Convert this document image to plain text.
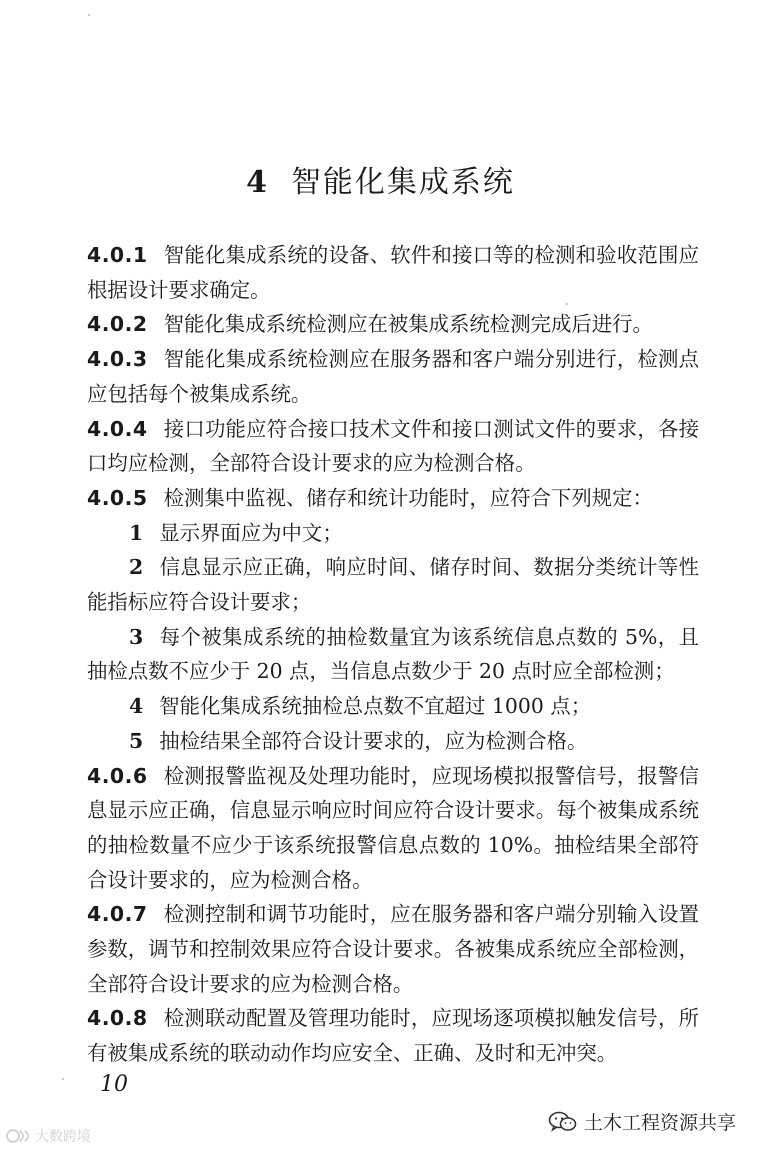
4 智能化集成系统

4.0.1 智能化集成系统的设备、软件和接口等的检测和验收范围应根据设计要求确定。

4.0.2 智能化集成系统检测应在被集成系统检测完成后进行。

4.0.3 智能化集成系统检测应在服务器和客户端分别进行，检测点应包括每个被集成系统。

4.0.4 接口功能应符合接口技术文件和接口测试文件的要求，各接口均应检测，全部符合设计要求的应为检测合格。

4.0.5 检测集中监视、储存和统计功能时，应符合下列规定：

1 显示界面应为中文；

2 信息显示应正确，响应时间、储存时间、数据分类统计等性能指标应符合设计要求；

3 每个被集成系统的抽检数量宜为该系统信息点数的 5%，且抽检点数不应少于 20 点，当信息点数少于 20 点时应全部检测；

4 智能化集成系统抽检总点数不宜超过 1000 点；

5 抽检结果全部符合设计要求的，应为检测合格。

4.0.6 检测报警监视及处理功能时，应现场模拟报警信号，报警信息显示应正确，信息显示响应时间应符合设计要求。每个被集成系统的抽检数量不应少于该系统报警信息点数的 10%。抽检结果全部符合设计要求的，应为检测合格。

4.0.7 检测控制和调节功能时，应在服务器和客户端分别输入设置参数，调节和控制效果应符合设计要求。各被集成系统应全部检测，全部符合设计要求的应为检测合格。

4.0.8 检测联动配置及管理功能时，应现场逐项模拟触发信号，所有被集成系统的联动动作均应安全、正确、及时和无冲突。

10
土木工程资源共享
大数跨境
